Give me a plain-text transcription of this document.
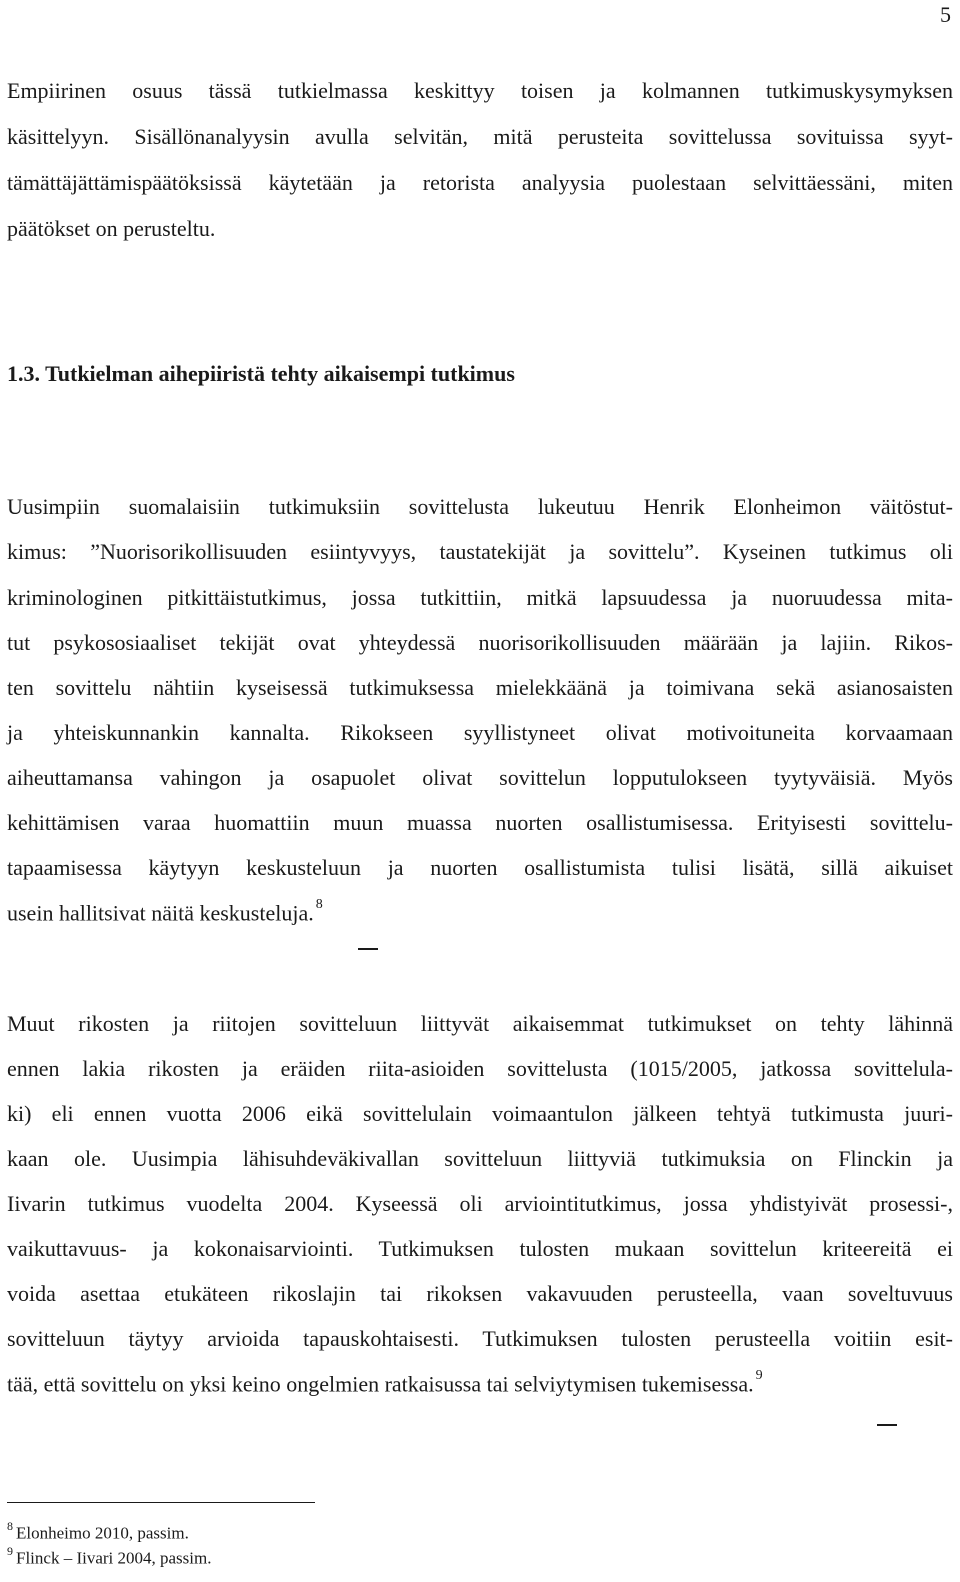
5
Empiirinen osuus tässä tutkielmassa keskittyy toisen ja kolmannen tutkimuskysymyksen
käsittelyyn. Sisällönanalyysin avulla selvitän, mitä perusteita sovittelussa sovituissa syyt-
tämättäjättämispäätöksissä käytetään ja retorista analyysia puolestaan selvittäessäni, miten
päätökset on perusteltu.
1.3. Tutkielman aihepiiristä tehty aikaisempi tutkimus
Uusimpiin suomalaisiin tutkimuksiin sovittelusta lukeutuu Henrik Elonheimon väitöstut-
kimus: ”Nuorisorikollisuuden esiintyvyys, taustatekijät ja sovittelu”. Kyseinen tutkimus oli
kriminologinen pitkittäistutkimus, jossa tutkittiin, mitkä lapsuudessa ja nuoruudessa mita-
tut psykososiaaliset tekijät ovat yhteydessä nuorisorikollisuuden määrään ja lajiin. Rikos-
ten sovittelu nähtiin kyseisessä tutkimuksessa mielekkäänä ja toimivana sekä asianosaisten
ja yhteiskunnankin kannalta. Rikokseen syyllistyneet olivat motivoituneita korvaamaan
aiheuttamansa vahingon ja osapuolet olivat sovittelun lopputulokseen tyytyväisiä. Myös
kehittämisen varaa huomattiin muun muassa nuorten osallistumisessa. Erityisesti sovittelu-
tapaamisessa käytyyn keskusteluun ja nuorten osallistumista tulisi lisätä, sillä aikuiset
usein hallitsivat näitä keskusteluja. $^8$
Muut rikosten ja riitojen sovitteluun liittyvät aikaisemmat tutkimukset on tehty lähinnä
ennen lakia rikosten ja eräiden riita-asioiden sovittelusta (1015/2005, jatkossa sovittelula-
ki) eli ennen vuotta 2006 eikä sovittelulain voimaantulon jälkeen tehtyä tutkimusta juuri-
kaan ole. Uusimpia lähisuhdeväkivallan sovitteluun liittyviä tutkimuksia on Flinckin ja
Iivarin tutkimus vuodelta 2004. Kyseessä oli arviointitutkimus, jossa yhdistyivät prosessi-,
vaikuttavuus- ja kokonaisarviointi. Tutkimuksen tulosten mukaan sovittelun kriteereitä ei
voida asettaa etukäteen rikoslajin tai rikoksen vakavuuden perusteella, vaan soveltuvuus
sovitteluun täytyy arvioida tapauskohtaisesti. Tutkimuksen tulosten perusteella voitiin esit-
tää, että sovittelu on yksi keino ongelmien ratkaisussa tai selviytymisen tukemisessa. $^9$
$^8$ Elonheimo 2010, passim.
$^9$ Flinck – Iivari 2004, passim.
